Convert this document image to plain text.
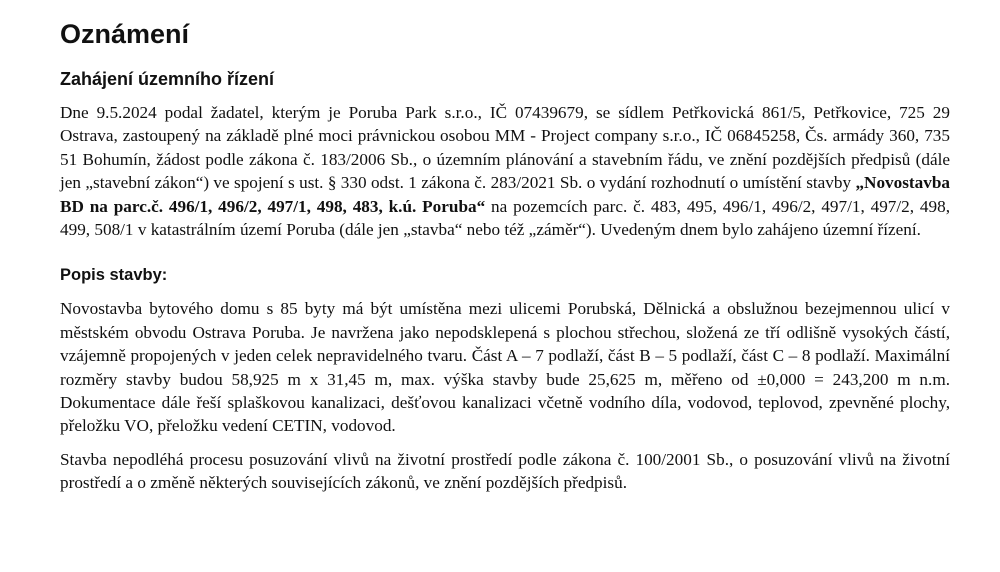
Oznámení
Zahájení územního řízení

Dne 9.5.2024 podal žadatel, kterým je Poruba Park s.r.o., IČ 07439679, se sídlem Petřkovická 861/5, Petřkovice, 725 29 Ostrava, zastoupený na základě plné moci právnickou osobou MM - Project company s.r.o., IČ 06845258, Čs. armády 360, 735 51 Bohumín, žádost podle zákona č. 183/2006 Sb., o územním plánování a stavebním řádu, ve znění pozdějších předpisů (dále jen „stavební zákon“) ve spojení s ust. § 330 odst. 1 zákona č. 283/2021 Sb. o vydání rozhodnutí o umístění stavby „Novostavba BD na parc.č. 496/1, 496/2, 497/1, 498, 483, k.ú. Poruba“ na pozemcích parc. č. 483, 495, 496/1, 496/2, 497/1, 497/2, 498, 499, 508/1 v katastrálním území Poruba (dále jen „stavba“ nebo též „záměr“). Uvedeným dnem bylo zahájeno územní řízení.

Popis stavby:

Novostavba bytového domu s 85 byty má být umístěna mezi ulicemi Porubská, Dělnická a obslužnou bezejmennou ulicí v městském obvodu Ostrava Poruba. Je navržena jako nepodsklepená s plochou střechou, složená ze tří odlišně vysokých částí, vzájemně propojených v jeden celek nepravidelného tvaru. Část A – 7 podlaží, část B – 5 podlaží, část C – 8 podlaží. Maximální rozměry stavby budou 58,925 m x 31,45 m, max. výška stavby bude 25,625 m, měřeno od ±0,000 = 243,200 m n.m. Dokumentace dále řeší splaškovou kanalizaci, dešťovou kanalizaci včetně vodního díla, vodovod, teplovod, zpevněné plochy, přeložku VO, přeložku vedení CETIN, vodovod.

Stavba nepodléhá procesu posuzování vlivů na životní prostředí podle zákona č. 100/2001 Sb., o posuzování vlivů na životní prostředí a o změně některých souvisejících zákonů, ve znění pozdějších předpisů.
